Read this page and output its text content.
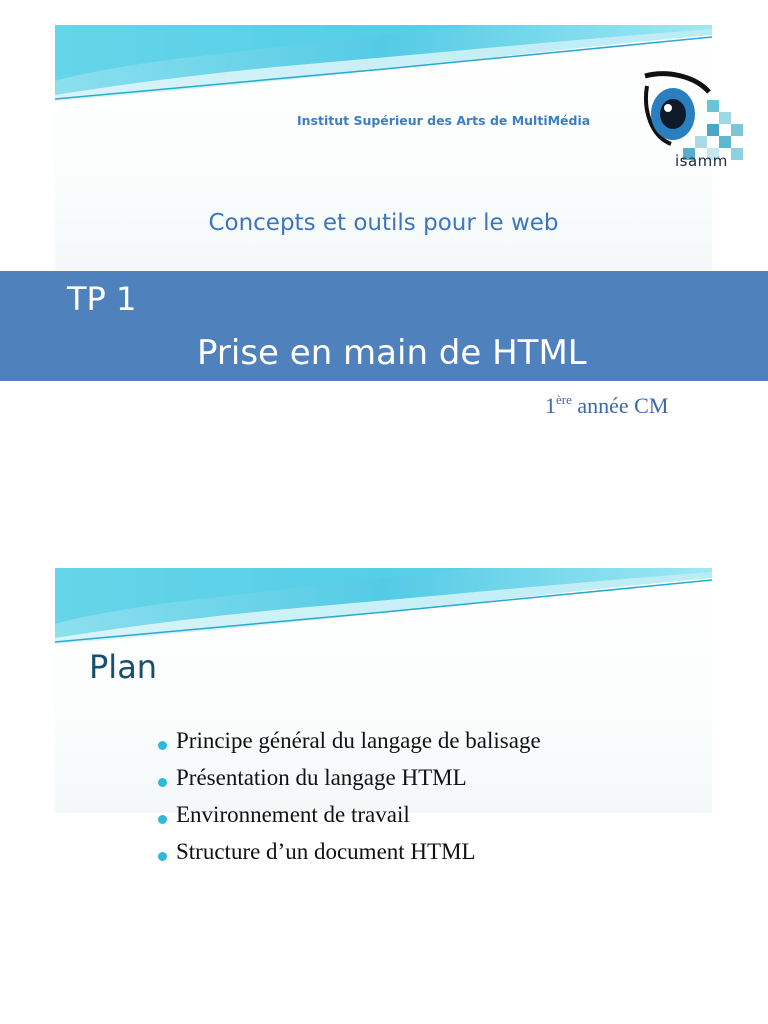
Institut Supérieur des Arts de MultiMédia
isamm
Concepts et outils pour le web
TP 1
Prise en main de HTML
1ère année CM
Plan
Principe général du langage de balisage
Présentation du langage HTML
Environnement de travail
Structure d’un document HTML
